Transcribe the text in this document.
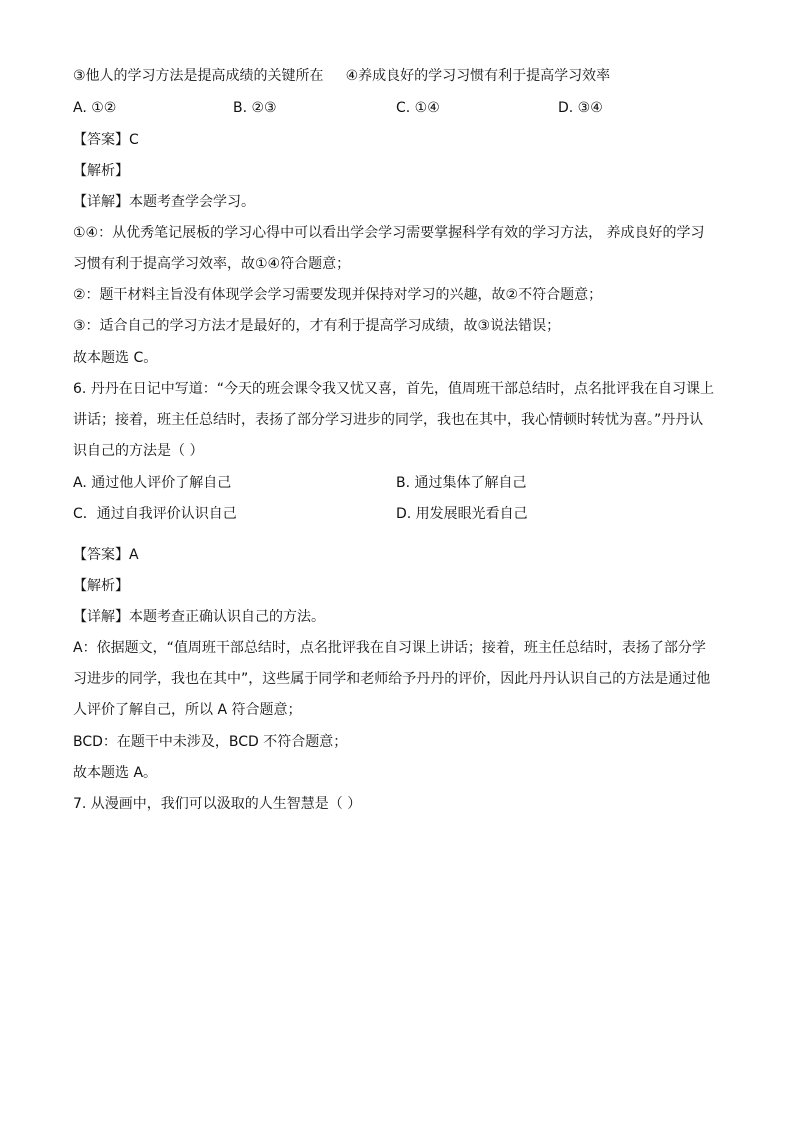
③他人的学习方法是提高成绩的关键所在 ④养成良好的学习习惯有利于提高学习效率
A. ①②	B. ②③	C. ①④	D. ③④
【答案】C
【解析】
【详解】本题考查学会学习。
①④：从优秀笔记展板的学习心得中可以看出学会学习需要掌握科学有效的学习方法， 养成良好的学习
习惯有利于提高学习效率，故①④符合题意；
②：题干材料主旨没有体现学会学习需要发现并保持对学习的兴趣，故②不符合题意；
③：适合自己的学习方法才是最好的，才有利于提高学习成绩，故③说法错误；
故本题选 C。
6. 丹丹在日记中写道：“今天的班会课令我又忧又喜，首先，值周班干部总结时，点名批评我在自习课上
讲话；接着，班主任总结时，表扬了部分学习进步的同学，我也在其中，我心情顿时转忧为喜。”丹丹认
识自己的方法是（ ）
A. 通过他人评价了解自己	B. 通过集体了解自己
C．通过自我评价认识自己	D. 用发展眼光看自己
【答案】A
【解析】
【详解】本题考查正确认识自己的方法。
A：依据题文，“值周班干部总结时，点名批评我在自习课上讲话；接着，班主任总结时，表扬了部分学
习进步的同学，我也在其中”，这些属于同学和老师给予丹丹的评价，因此丹丹认识自己的方法是通过他
人评价了解自己，所以 A 符合题意；
BCD：在题干中未涉及，BCD 不符合题意；
故本题选 A。
7. 从漫画中，我们可以汲取的人生智慧是（ ）
